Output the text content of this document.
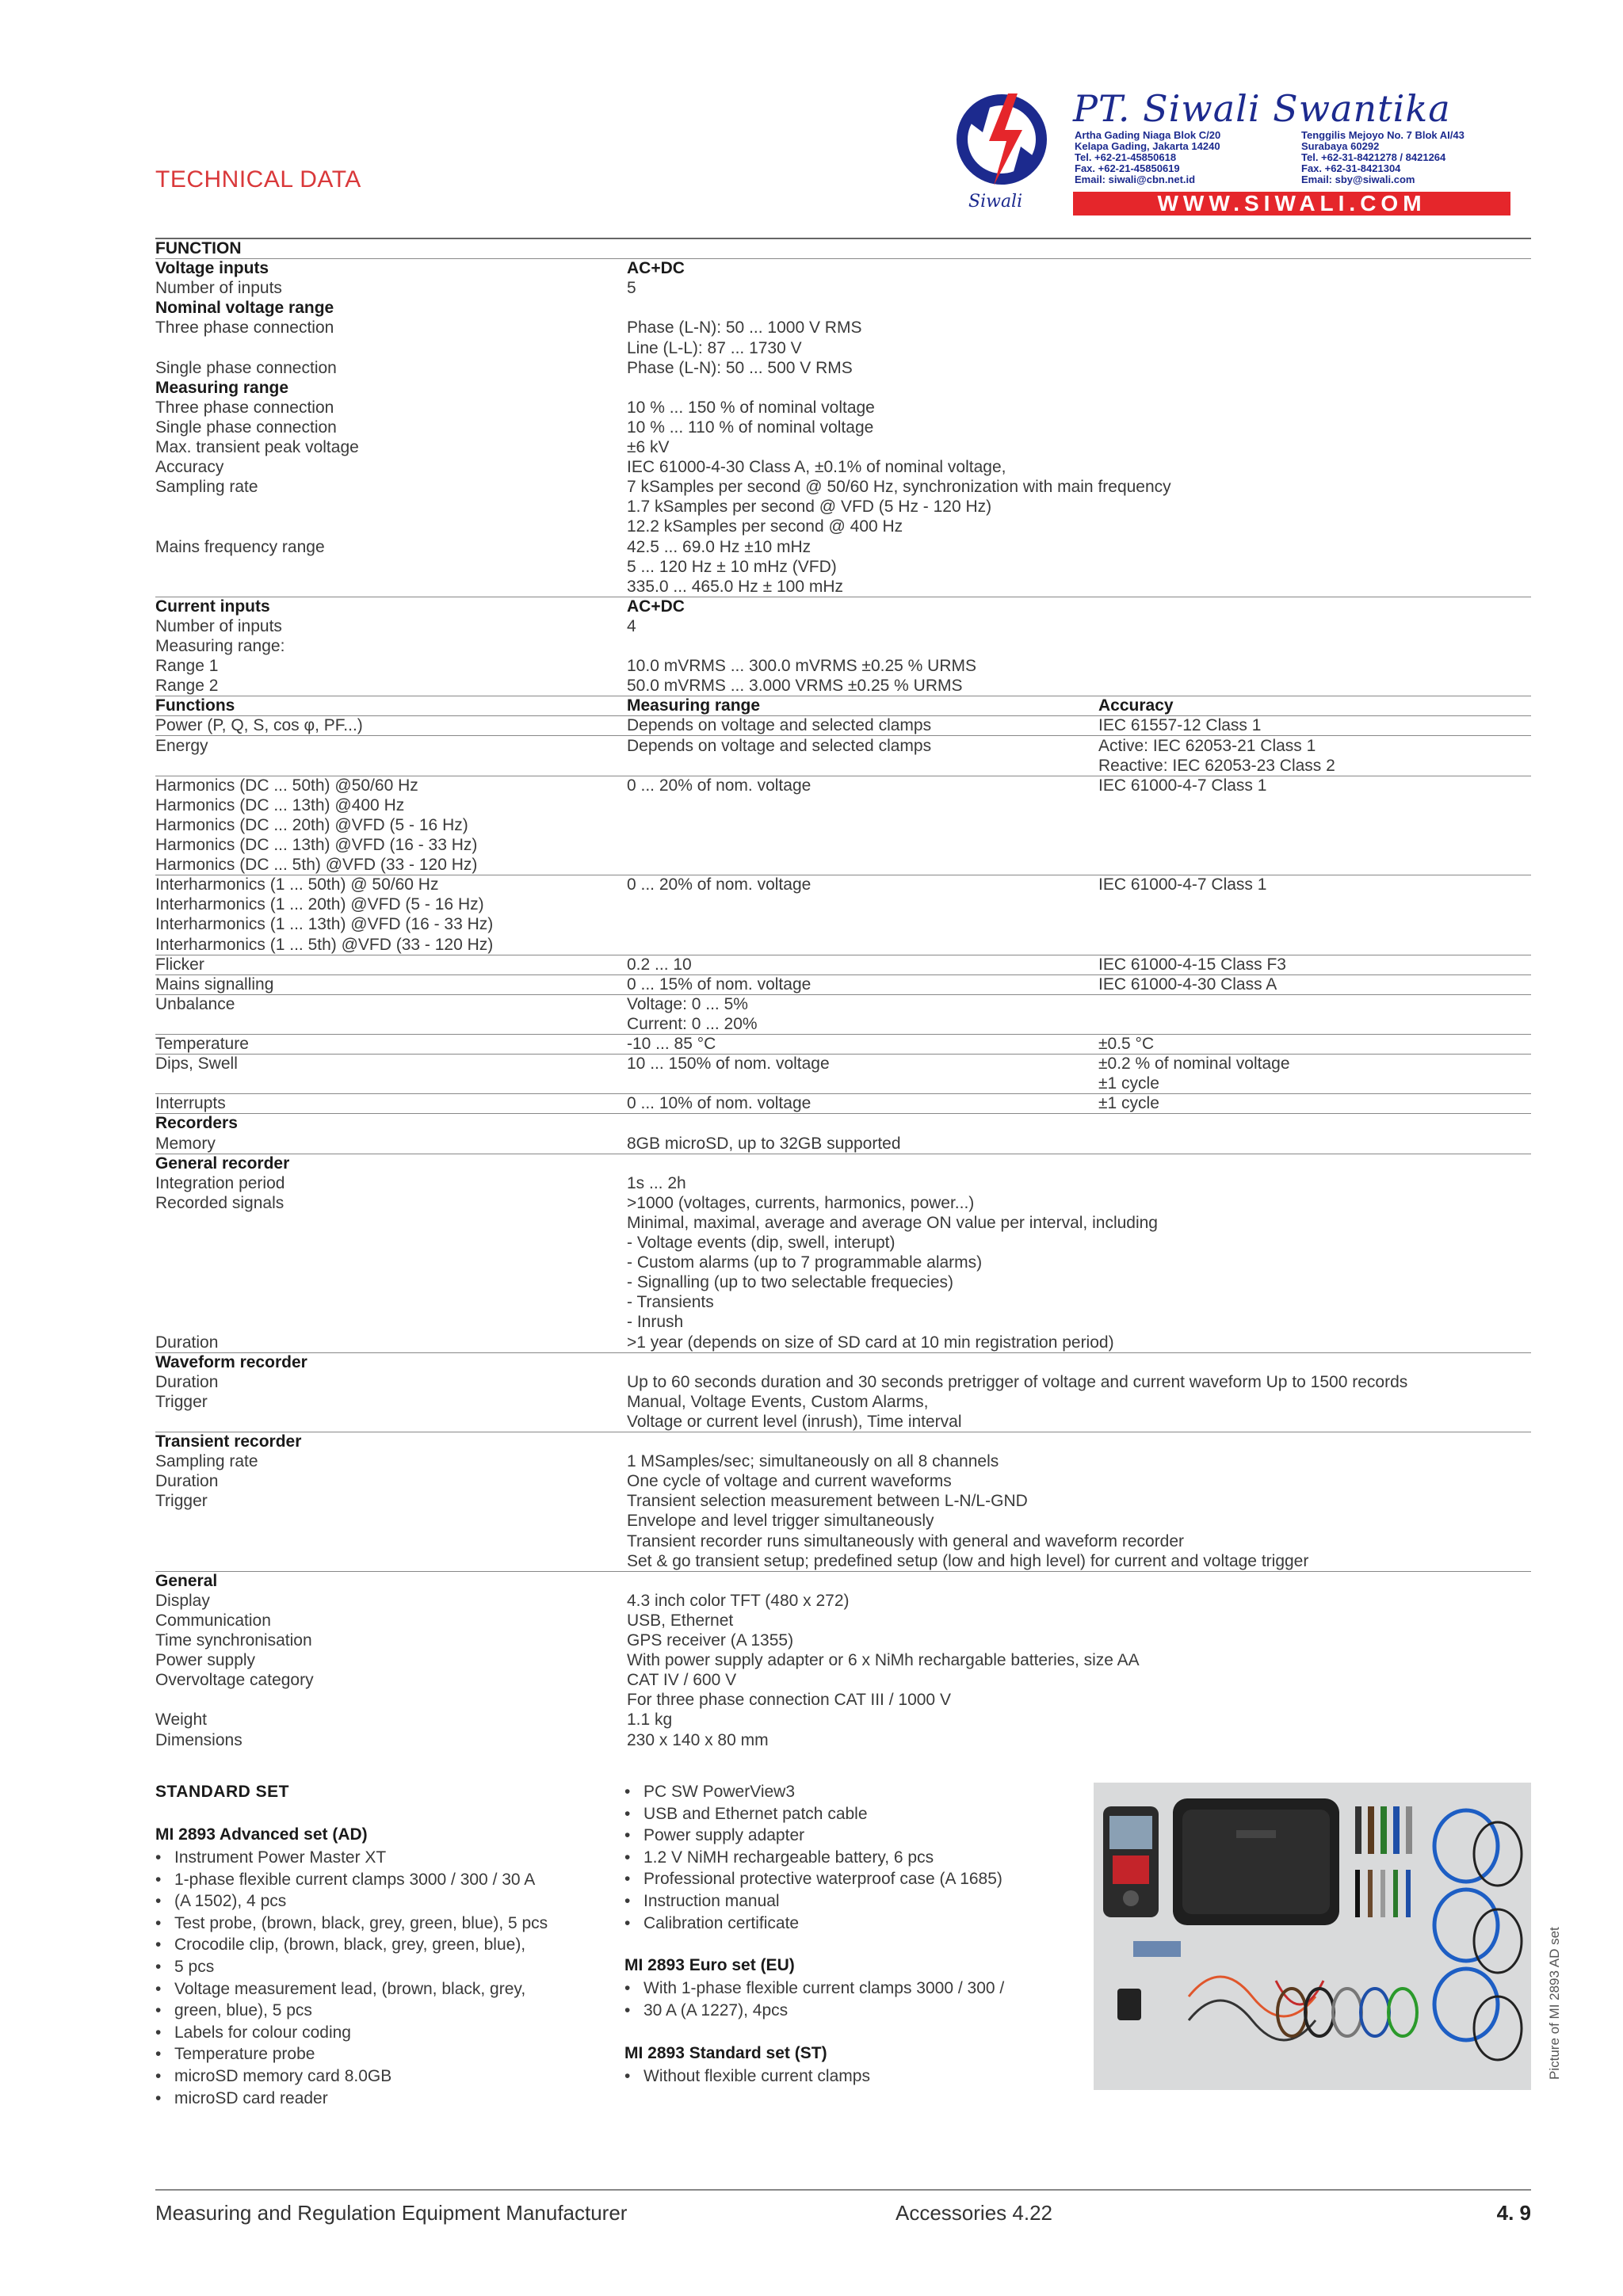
TECHNICAL DATA
Siwali
PT. Siwali Swantika
Artha Gading Niaga Blok C/20
Kelapa Gading, Jakarta 14240
Tel. +62-21-45850618
Fax. +62-21-45850619
Email: siwali@cbn.net.id
Tenggilis Mejoyo No. 7 Blok AI/43
Surabaya 60292
Tel. +62-31-8421278 / 8421264
Fax. +62-31-8421304
Email: sby@siwali.com
WWW.SIWALI.COM
FUNCTION
Voltage inputs	AC+DC
Number of inputs	5
Nominal voltage range
Three phase connection	Phase (L-N): 50 ... 1000 V RMS
Line (L-L): 87 ... 1730 V
Single phase connection	Phase (L-N): 50 ... 500 V RMS
Measuring range
Three phase connection	10 % ... 150 % of nominal voltage
Single phase connection	10 % ... 110 % of nominal voltage
Max. transient peak voltage	±6 kV
Accuracy	IEC 61000-4-30 Class A, ±0.1% of nominal voltage,
Sampling rate	7 kSamples per second @ 50/60 Hz, synchronization with main frequency
1.7 kSamples per second @ VFD (5 Hz - 120 Hz)
12.2 kSamples per second @ 400 Hz
Mains frequency range	42.5 ... 69.0 Hz ±10 mHz
5 ... 120 Hz ± 10 mHz (VFD)
335.0 ... 465.0 Hz ± 100 mHz
Current inputs	AC+DC
Number of inputs	4
Measuring range:
Range 1	10.0 mVRMS ... 300.0 mVRMS ±0.25 % URMS
Range 2	50.0 mVRMS ... 3.000 VRMS ±0.25 % URMS
Functions	Measuring range	Accuracy
Power (P, Q, S, cos φ, PF...)	Depends on voltage and selected clamps	IEC 61557-12 Class 1
Energy	Depends on voltage and selected clamps	Active: IEC 62053-21 Class 1
Reactive: IEC 62053-23 Class 2
Harmonics (DC ... 50th) @50/60 Hz	0 ... 20% of nom. voltage	IEC 61000-4-7 Class 1
Harmonics (DC ... 13th) @400 Hz
Harmonics (DC ... 20th) @VFD (5 - 16 Hz)
Harmonics (DC ... 13th) @VFD (16 - 33 Hz)
Harmonics (DC ... 5th) @VFD (33 - 120 Hz)
Interharmonics (1 ... 50th) @ 50/60 Hz	0 ... 20% of nom. voltage	IEC 61000-4-7 Class 1
Interharmonics (1 ... 20th) @VFD (5 - 16 Hz)
Interharmonics (1 ... 13th) @VFD (16 - 33 Hz)
Interharmonics (1 ... 5th) @VFD (33 - 120 Hz)
Flicker	0.2 ... 10	IEC 61000-4-15 Class F3
Mains signalling	0 ... 15% of nom. voltage	IEC 61000-4-30 Class A
Unbalance	Voltage: 0 ... 5%
Current: 0 ... 20%
Temperature	-10 ... 85 °C	±0.5 °C
Dips, Swell	10 ... 150% of nom. voltage	±0.2 % of nominal voltage
±1 cycle
Interrupts	0 ... 10% of nom. voltage	±1 cycle
Recorders
Memory	8GB microSD, up to 32GB supported
General recorder
Integration period	1s ... 2h
Recorded signals	>1000 (voltages, currents, harmonics, power...)
Minimal, maximal, average and average ON value per interval, including
- Voltage events (dip, swell, interupt)
- Custom alarms (up to 7 programmable alarms)
- Signalling (up to two selectable frequecies)
- Transients
- Inrush
Duration	>1 year (depends on size of SD card at 10 min registration period)
Waveform recorder
Duration	Up to 60 seconds duration and 30 seconds pretrigger of voltage and current waveform Up to 1500 records
Trigger	Manual, Voltage Events, Custom Alarms,
Voltage or current level (inrush), Time interval
Transient recorder
Sampling rate	1 MSamples/sec; simultaneously on all 8 channels
Duration	One cycle of voltage and current waveforms
Trigger	Transient selection measurement between L-N/L-GND
Envelope and level trigger simultaneously
Transient recorder runs simultaneously with general and waveform recorder
Set & go transient setup; predefined setup (low and high level) for current and voltage trigger
General
Display	4.3 inch color TFT (480 x 272)
Communication	USB, Ethernet
Time synchronisation	GPS receiver (A 1355)
Power supply	With power supply adapter or 6 x NiMh rechargable batteries, size AA
Overvoltage category	CAT IV / 600 V
For three phase connection CAT III / 1000 V
Weight	1.1 kg
Dimensions	230 x 140 x 80 mm
STANDARD SET
MI 2893 Advanced set (AD)
• Instrument Power Master XT
• 1-phase flexible current clamps 3000 / 300 / 30 A
• (A 1502), 4 pcs
• Test probe, (brown, black, grey, green, blue), 5 pcs
• Crocodile clip, (brown, black, grey, green, blue),
• 5 pcs
• Voltage measurement lead, (brown, black, grey,
• green, blue), 5 pcs
• Labels for colour coding
• Temperature probe
• microSD memory card 8.0GB
• microSD card reader
• PC SW PowerView3
• USB and Ethernet patch cable
• Power supply adapter
• 1.2 V NiMH rechargeable battery, 6 pcs
• Professional protective waterproof case (A 1685)
• Instruction manual
• Calibration certificate
MI 2893 Euro set (EU)
• With 1-phase flexible current clamps 3000 / 300 /
• 30 A (A 1227), 4pcs
MI 2893 Standard set (ST)
• Without flexible current clamps	Picture of MI 2893 AD set
Measuring and Regulation Equipment Manufacturer	Accessories 4.22	4. 9
